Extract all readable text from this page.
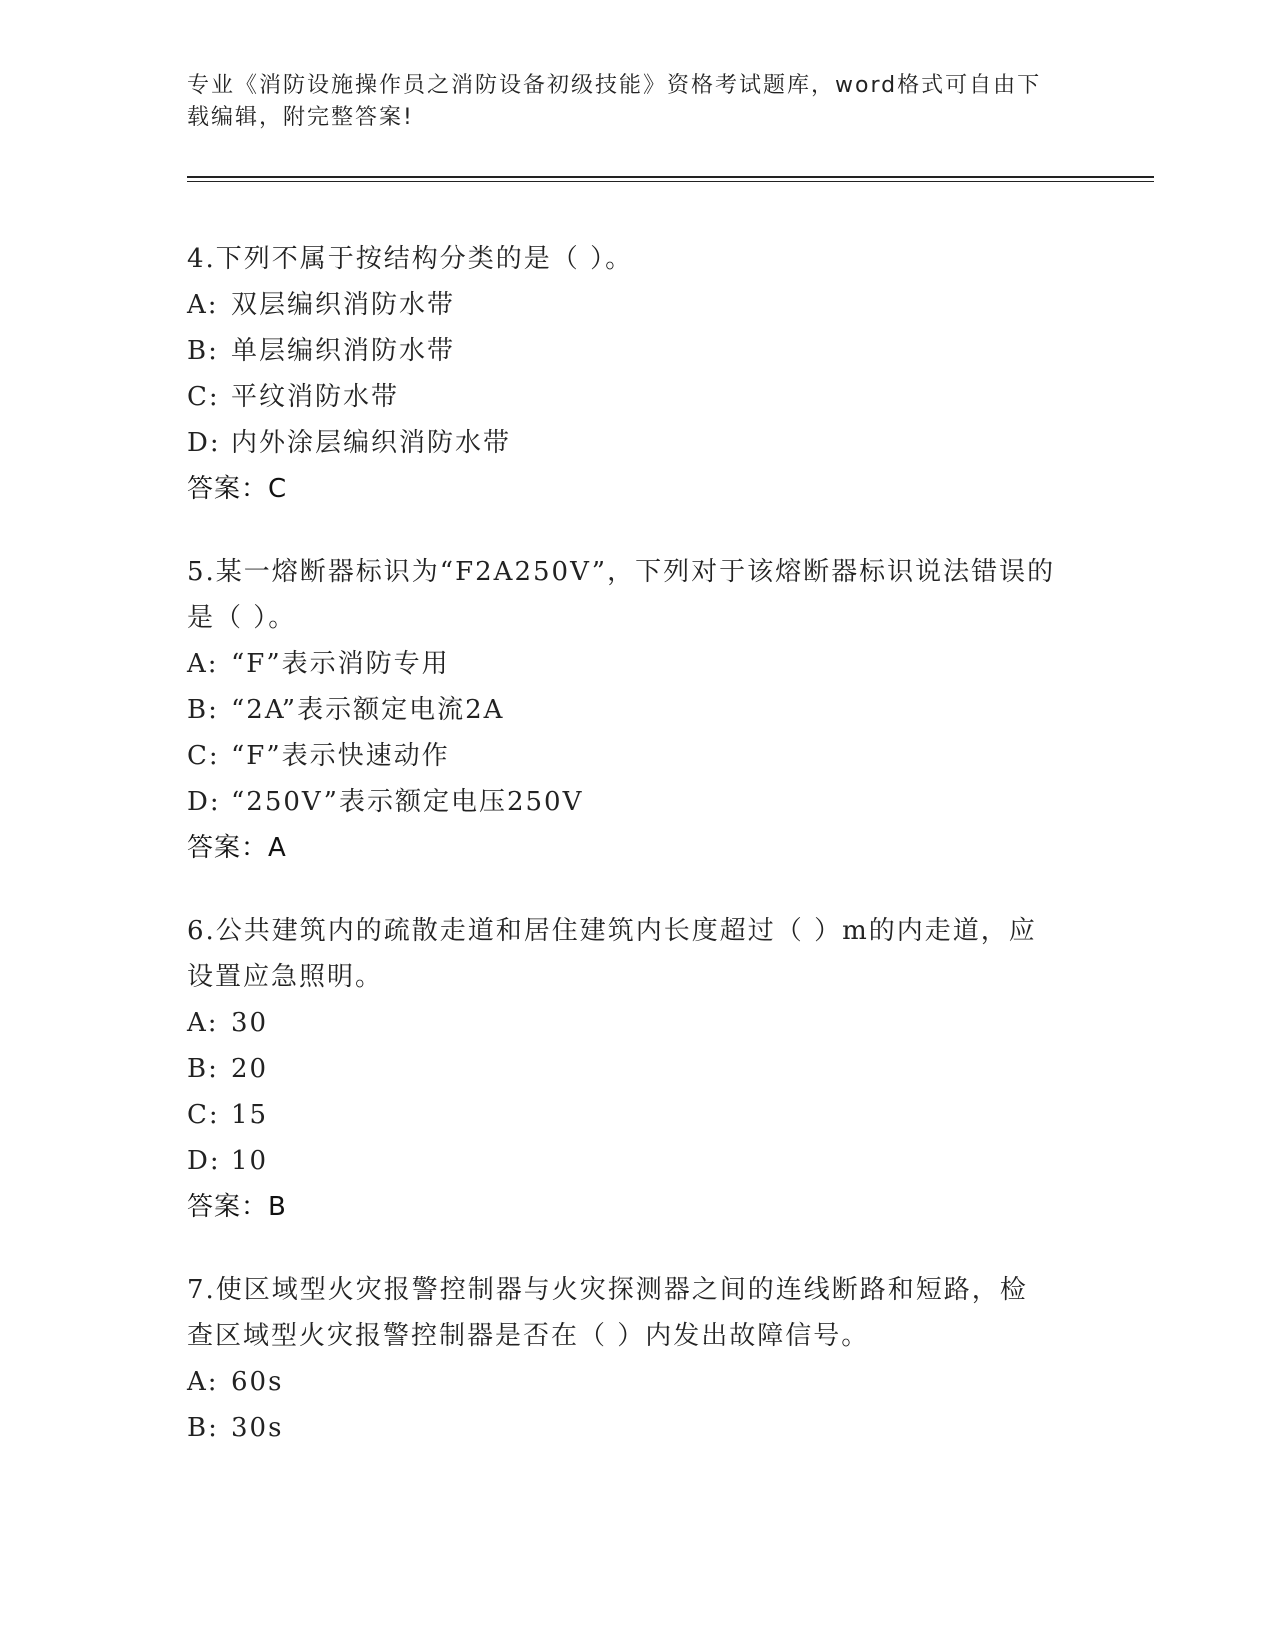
专业《消防设施操作员之消防设备初级技能》资格考试题库，word格式可自由下
载编辑，附完整答案!
4.下列不属于按结构分类的是（ ）。
A: 双层编织消防水带
B: 单层编织消防水带
C: 平纹消防水带
D: 内外涂层编织消防水带
答案：C
5.某一熔断器标识为“F2A250V”，下列对于该熔断器标识说法错误的
是（ ）。
A: “F”表示消防专用
B: “2A”表示额定电流2A
C: “F”表示快速动作
D: “250V”表示额定电压250V
答案：A
6.公共建筑内的疏散走道和居住建筑内长度超过（ ）m的内走道，应
设置应急照明。
A: 30
B: 20
C: 15
D: 10
答案：B
7.使区域型火灾报警控制器与火灾探测器之间的连线断路和短路，检
查区域型火灾报警控制器是否在（ ）内发出故障信号。
A: 60s
B: 30s
